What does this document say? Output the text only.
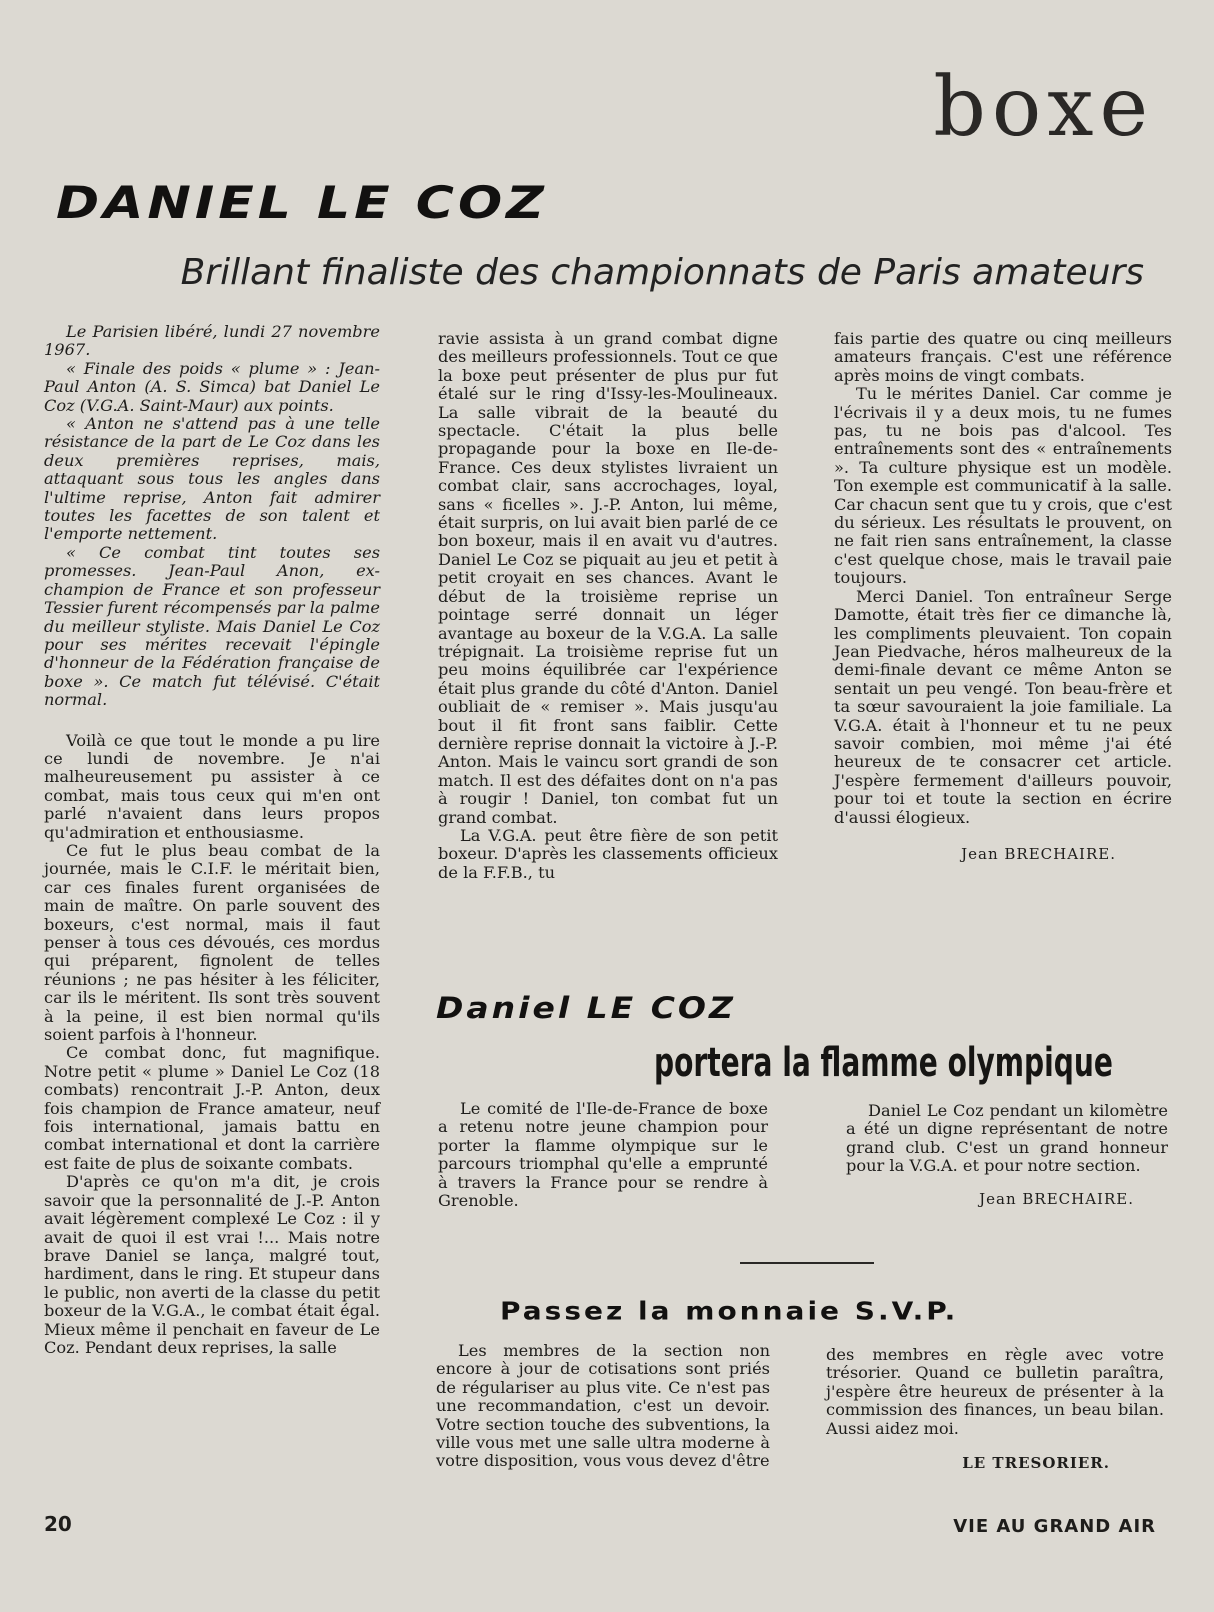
boxe
DANIEL LE COZ
Brillant finaliste des championnats de Paris amateurs

Le Parisien libéré, lundi 27 novembre 1967.

« Finale des poids « plume » : Jean-Paul Anton (A. S. Simca) bat Daniel Le Coz (V.G.A. Saint-Maur) aux points.

« Anton ne s'attend pas à une telle résistance de la part de Le Coz dans les deux premières reprises, mais, attaquant sous tous les angles dans l'ultime reprise, Anton fait admirer toutes les facettes de son talent et l'emporte nettement.

« Ce combat tint toutes ses promesses. Jean-Paul Anon, ex-champion de France et son professeur Tessier furent récompensés par la palme du meilleur styliste. Mais Daniel Le Coz pour ses mérites recevait l'épingle d'honneur de la Fédération française de boxe ». Ce match fut télévisé. C'était normal.

Voilà ce que tout le monde a pu lire ce lundi de novembre. Je n'ai malheureusement pu assister à ce combat, mais tous ceux qui m'en ont parlé n'avaient dans leurs propos qu'admiration et enthousiasme.

Ce fut le plus beau combat de la journée, mais le C.I.F. le méritait bien, car ces finales furent organisées de main de maître. On parle souvent des boxeurs, c'est normal, mais il faut penser à tous ces dévoués, ces mordus qui préparent, fignolent de telles réunions ; ne pas hésiter à les féliciter, car ils le méritent. Ils sont très souvent à la peine, il est bien normal qu'ils soient parfois à l'honneur.

Ce combat donc, fut magnifique. Notre petit « plume » Daniel Le Coz (18 combats) rencontrait J.-P. Anton, deux fois champion de France amateur, neuf fois international, jamais battu en combat international et dont la carrière est faite de plus de soixante combats.

D'après ce qu'on m'a dit, je crois savoir que la personnalité de J.-P. Anton avait légèrement complexé Le Coz : il y avait de quoi il est vrai !... Mais notre brave Daniel se lança, malgré tout, hardiment, dans le ring. Et stupeur dans le public, non averti de la classe du petit boxeur de la V.G.A., le combat était égal. Mieux même il penchait en faveur de Le Coz. Pendant deux reprises, la salle

ravie assista à un grand combat digne des meilleurs professionnels. Tout ce que la boxe peut présenter de plus pur fut étalé sur le ring d'Issy-les-Moulineaux. La salle vibrait de la beauté du spectacle. C'était la plus belle propagande pour la boxe en Ile-de-France. Ces deux stylistes livraient un combat clair, sans accrochages, loyal, sans « ficelles ». J.-P. Anton, lui même, était surpris, on lui avait bien parlé de ce bon boxeur, mais il en avait vu d'autres. Daniel Le Coz se piquait au jeu et petit à petit croyait en ses chances. Avant le début de la troisième reprise un pointage serré donnait un léger avantage au boxeur de la V.G.A. La salle trépignait. La troisième reprise fut un peu moins équilibrée car l'expérience était plus grande du côté d'Anton. Daniel oubliait de « remiser ». Mais jusqu'au bout il fit front sans faiblir. Cette dernière reprise donnait la victoire à J.-P. Anton. Mais le vaincu sort grandi de son match. Il est des défaites dont on n'a pas à rougir ! Daniel, ton combat fut un grand combat.

La V.G.A. peut être fière de son petit boxeur. D'après les classements officieux de la F.F.B., tu

fais partie des quatre ou cinq meilleurs amateurs français. C'est une référence après moins de vingt combats.

Tu le mérites Daniel. Car comme je l'écrivais il y a deux mois, tu ne fumes pas, tu ne bois pas d'alcool. Tes entraînements sont des « entraînements ». Ta culture physique est un modèle. Ton exemple est communicatif à la salle. Car chacun sent que tu y crois, que c'est du sérieux. Les résultats le prouvent, on ne fait rien sans entraînement, la classe c'est quelque chose, mais le travail paie toujours.

Merci Daniel. Ton entraîneur Serge Damotte, était très fier ce dimanche là, les compliments pleuvaient. Ton copain Jean Piedvache, héros malheureux de la demi-finale devant ce même Anton se sentait un peu vengé. Ton beau-frère et ta sœur savouraient la joie familiale. La V.G.A. était à l'honneur et tu ne peux savoir combien, moi même j'ai été heureux de te consacrer cet article. J'espère fermement d'ailleurs pouvoir, pour toi et toute la section en écrire d'aussi élogieux.

Jean BRECHAIRE.
Daniel LE COZ
portera la flamme olympique

Le comité de l'Ile-de-France de boxe a retenu notre jeune champion pour porter la flamme olympique sur le parcours triomphal qu'elle a emprunté à travers la France pour se rendre à Grenoble.

Daniel Le Coz pendant un kilomètre a été un digne représentant de notre grand club. C'est un grand honneur pour la V.G.A. et pour notre section.

Jean BRECHAIRE.
Passez la monnaie S.V.P.

Les membres de la section non encore à jour de cotisations sont priés de régulariser au plus vite. Ce n'est pas une recommandation, c'est un devoir. Votre section touche des subventions, la ville vous met une salle ultra moderne à votre disposition, vous vous devez d'être

des membres en règle avec votre trésorier. Quand ce bulletin paraîtra, j'espère être heureux de présenter à la commission des finances, un beau bilan. Aussi aidez moi.

LE TRESORIER.
20	VIE AU GRAND AIR
